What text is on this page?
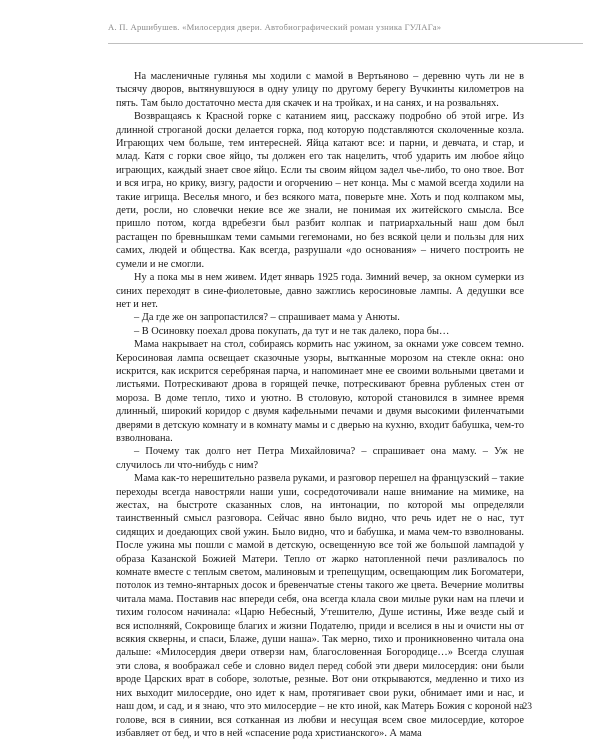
А. П. Аршибушев. «Милосердия двери. Автобиографический роман узника ГУЛАГа»

На масленичные гулянья мы ходили с мамой в Вертьяново – деревню чуть ли не в тысячу дворов, вытянувшуюся в одну улицу по другому берегу Вучкинты километров на пять. Там было достаточно места для скачек и на тройках, и на санях, и на розвальнях.

Возвращаясь к Красной горке с катанием яиц, расскажу подробно об этой игре. Из длинной строганой доски делается горка, под которую подставляются сколоченные козла. Играющих чем больше, тем интересней. Яйца катают все: и парни, и девчата, и стар, и млад. Катя с горки свое яйцо, ты должен его так нацелить, чтоб ударить им любое яйцо играющих, каждый знает свое яйцо. Если ты своим яйцом задел чье-либо, то оно твое. Вот и вся игра, но крику, визгу, радости и огорчению – нет конца. Мы с мамой всегда ходили на такие игрища. Веселья много, и без всякого мата, поверьте мне. Хоть и под колпаком мы, дети, росли, но словечки некие все же знали, не понимая их житейского смысла. Все пришло потом, когда вдребезги был разбит колпак и патриархальный наш дом был растащен по бревнышкам теми самыми гегемонами, но без всякой цели и пользы для них самих, людей и общества. Как всегда, разрушали «до основания» – ничего построить не сумели и не смогли.

Ну а пока мы в нем живем. Идет январь 1925 года. Зимний вечер, за окном сумерки из синих переходят в сине-фиолетовые, давно зажглись керосиновые лампы. А дедушки все нет и нет.

– Да где же он запропастился? – спрашивает мама у Анюты.

– В Осиновку поехал дрова покупать, да тут и не так далеко, пора бы…

Мама накрывает на стол, собираясь кормить нас ужином, за окнами уже совсем темно. Керосиновая лампа освещает сказочные узоры, вытканные морозом на стекле окна: оно искрится, как искрится серебряная парча, и напоминает мне ее своими вольными цветами и листьями. Потрескивают дрова в горящей печке, потрескивают бревна рубленых стен от мороза. В доме тепло, тихо и уютно. В столовую, которой становился в зимнее время длинный, широкий коридор с двумя кафельными печами и двумя высокими филенчатыми дверями в детскую комнату и в комнату мамы и с дверью на кухню, входит бабушка, чем-то взволнована.

– Почему так долго нет Петра Михайловича? – спрашивает она маму. – Уж не случилось ли что-нибудь с ним?

Мама как-то нерешительно развела руками, и разговор перешел на французский – такие переходы всегда навостряли наши уши, сосредоточивали наше внимание на мимике, на жестах, на быстроте сказанных слов, на интонации, по которой мы определяли таинственный смысл разговора. Сейчас явно было видно, что речь идет не о нас, тут сидящих и доедающих свой ужин. Было видно, что и бабушка, и мама чем-то взволнованы. После ужина мы пошли с мамой в детскую, освещенную все той же большой лампадой у образа Казанской Божией Матери. Тепло от жарко натопленной печи разливалось по комнате вместе с теплым светом, малиновым и трепещущим, освещающим лик Богоматери, потолок из темно-янтарных досок и бревенчатые стены такого же цвета. Вечерние молитвы читала мама. Поставив нас впереди себя, она всегда клала свои милые руки нам на плечи и тихим голосом начинала: «Царю Небесный, Утешителю, Душе истины, Иже везде сый и вся исполняяй, Сокровище благих и жизни Подателю, приди и вселися в ны и очисти ны от всякия скверны, и спаси, Блаже, души наша». Так мерно, тихо и проникновенно читала она дальше: «Милосердия двери отверзи нам, благословенная Богородице…» Всегда слушая эти слова, я воображал себе и словно видел перед собой эти двери милосердия: они были вроде Царских врат в соборе, золотые, резные. Вот они открываются, медленно и тихо из них выходит милосердие, оно идет к нам, протягивает свои руки, обнимает ими и нас, и наш дом, и сад, и я знаю, что это милосердие – не кто иной, как Матерь Божия с короной на голове, вся в сиянии, вся сотканная из любви и несущая всем свое милосердие, которое избавляет от бед, и что в ней «спасение рода христианского». А мама

23
